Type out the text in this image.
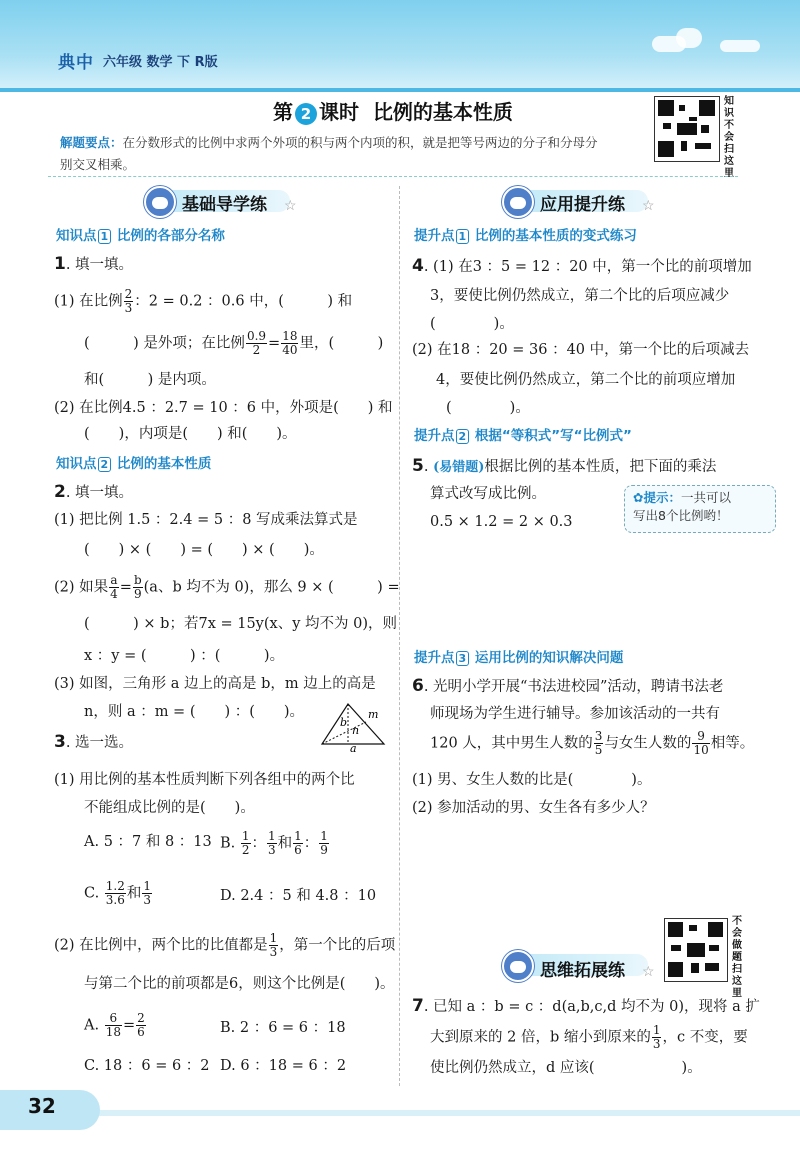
典中 六年级 数学 下 R版
第 2 课时 比例的基本性质	知识不会扫这里
解题要点：在分数形式的比例中求两个外项的积与两个内项的积，就是把等号两边的分子和分母分
别交叉相乘。
基础导学练 ☆	应用提升练 ☆
知识点 1 比例的各部分名称
1. 填一填。
(1) 在比例 $\frac{2}{3}$ ：2 = 0.2 ：0.6 中，(　　　) 和
(　　　) 是外项；在比例 $\frac{0.9}{2} = \frac{18}{40}$ 里，(　　　)
和(　　　) 是内项。
(2) 在比例4.5 ：2.7 = 10 ：6 中，外项是(　　) 和
(　　)，内项是(　　) 和(　　)。
知识点 2 比例的基本性质
2. 填一填。
(1) 把比例 1.5 ：2.4 = 5 ：8 写成乘法算式是
(　　) × (　　) = (　　) × (　　)。
(2) 如果 $\frac{a}{4} = \frac{b}{9} (a$、b 均不为 0)，那么 9 × (　　　) =
(　　　) × b；若7x = 15y(x、y 均不为 0)，则
x ：y = (　　　) ：(　　　)。
(3) 如图，三角形 a 边上的高是 b，m 边上的高是
n，则 a ：m = (　　) ：(　　)。
b
n
m
a
3. 选一选。
(1) 用比例的基本性质判断下列各组中的两个比
不能组成比例的是(　　)。
A. 5 ：7 和 8 ：13 B. $\frac{1}{2}$ ： $\frac{1}{3}$ 和 $\frac{1}{6}$ ： $\frac{1}{9}$
C. $\frac{1.2}{3.6}$ 和 $\frac{1}{3}$	D. 2.4 ：5 和 4.8 ：10
(2) 在比例中，两个比的比值都是 $\frac{1}{3}$ ，第一个比的后项
与第二个比的前项都是6，则这个比例是(　　)。
A. $\frac{6}{18} = \frac{2}{6}$	B. 2 ：6 = 6 ：18
C. 18 ：6 = 6 ：2 D. 6 ：18 = 6 ：2
提升点 1 比例的基本性质的变式练习
4. (1) 在3 ：5 = 12 ：20 中，第一个比的前项增加
3，要使比例仍然成立，第二个比的后项应减少
(　　　　)。
(2) 在18 ：20 = 36 ：40 中，第一个比的后项减去
4，要使比例仍然成立，第二个比的前项应增加
(　　　　)。
提升点 2 根据“等积式”写“比例式”
5. (易错题)根据比例的基本性质，把下面的乘法
算式改写成比例。
0.5 × 1.2 = 2 × 0.3
✿提示：一共可以
写出8个比例哟！
提升点 3 运用比例的知识解决问题
6. 光明小学开展“书法进校园”活动，聘请书法老
师现场为学生进行辅导。参加该活动的一共有
120 人，其中男生人数的 $\frac{3}{5}$ 与女生人数的 $\frac{9}{10}$ 相等。
(1) 男、女生人数的比是(　　　　)。
(2) 参加活动的男、女生各有多少人？
不会做题扫这里
思维拓展练 ☆
7. 已知 a ：b = c ：d(a,b,c,d 均不为 0)，现将 a 扩
大到原来的 2 倍，b 缩小到原来的 $\frac{1}{3}$ ，c 不变，要
使比例仍然成立，d 应该(　　　　　　)。
32
